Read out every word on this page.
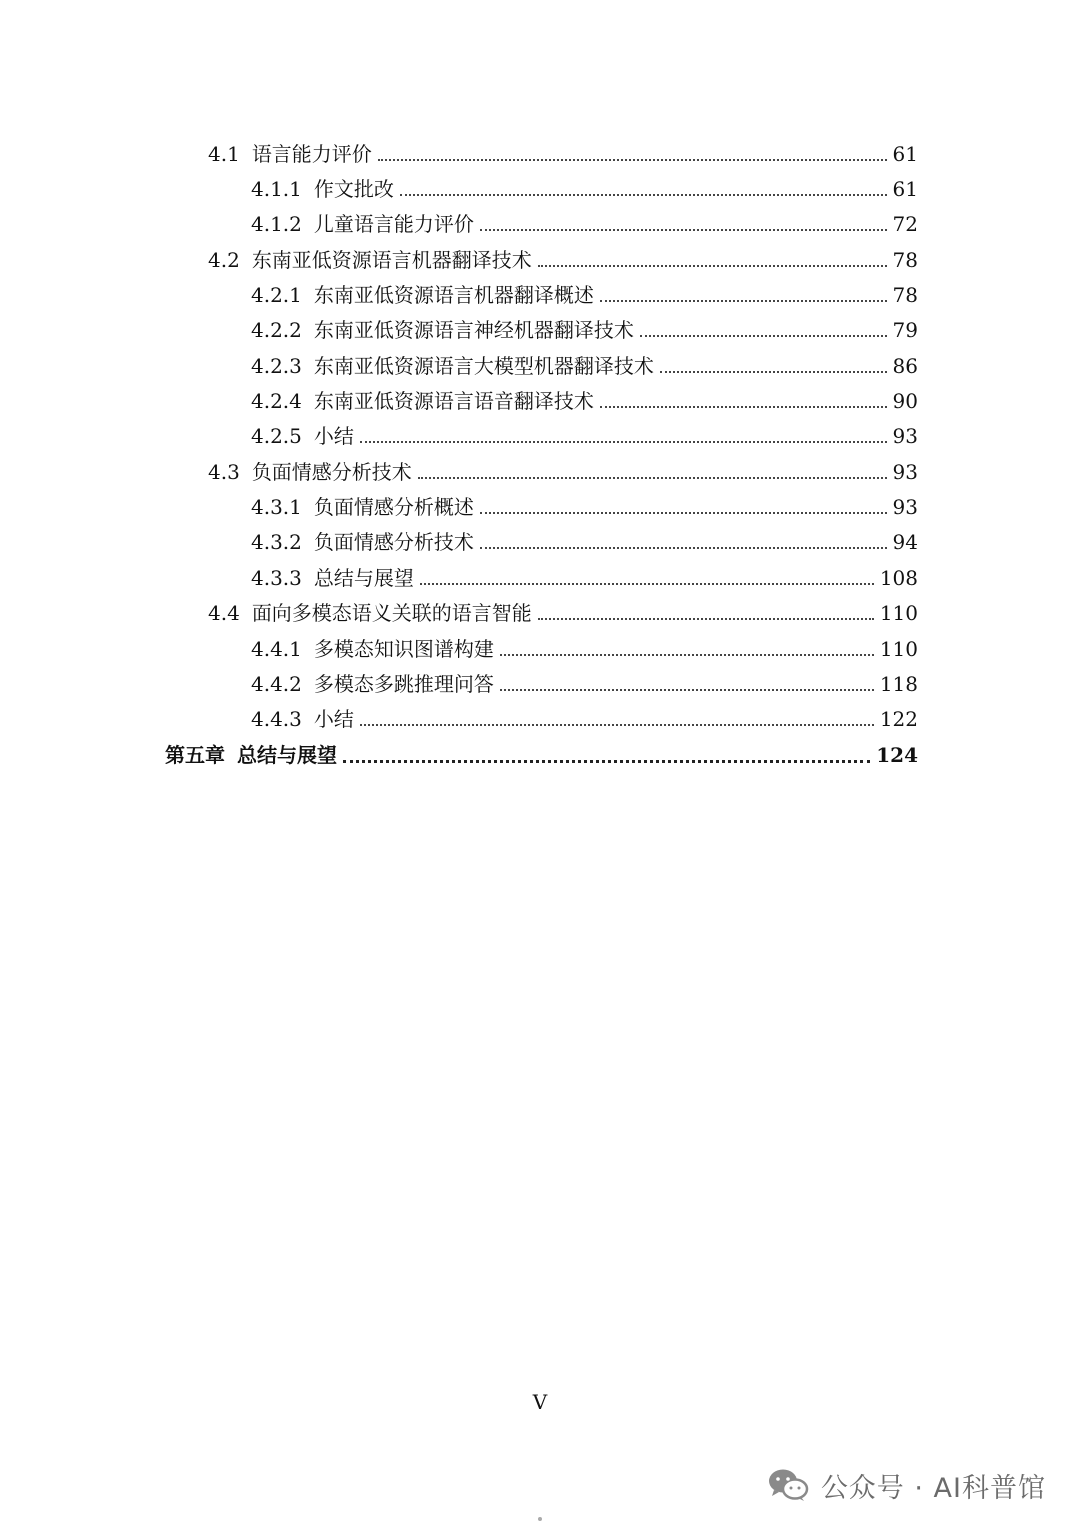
4.1 语言能力评价	61
4.1.1 作文批改	61
4.1.2 儿童语言能力评价	72
4.2 东南亚低资源语言机器翻译技术	78
4.2.1 东南亚低资源语言机器翻译概述	78
4.2.2 东南亚低资源语言神经机器翻译技术	79
4.2.3 东南亚低资源语言大模型机器翻译技术	86
4.2.4 东南亚低资源语言语音翻译技术	90
4.2.5 小结	93
4.3 负面情感分析技术	93
4.3.1 负面情感分析概述	93
4.3.2 负面情感分析技术	94
4.3.3 总结与展望	108
4.4 面向多模态语义关联的语言智能	110
4.4.1 多模态知识图谱构建	110
4.4.2 多模态多跳推理问答	118
4.4.3 小结	122
第五章 总结与展望	124
V
公众号 · AI科普馆
